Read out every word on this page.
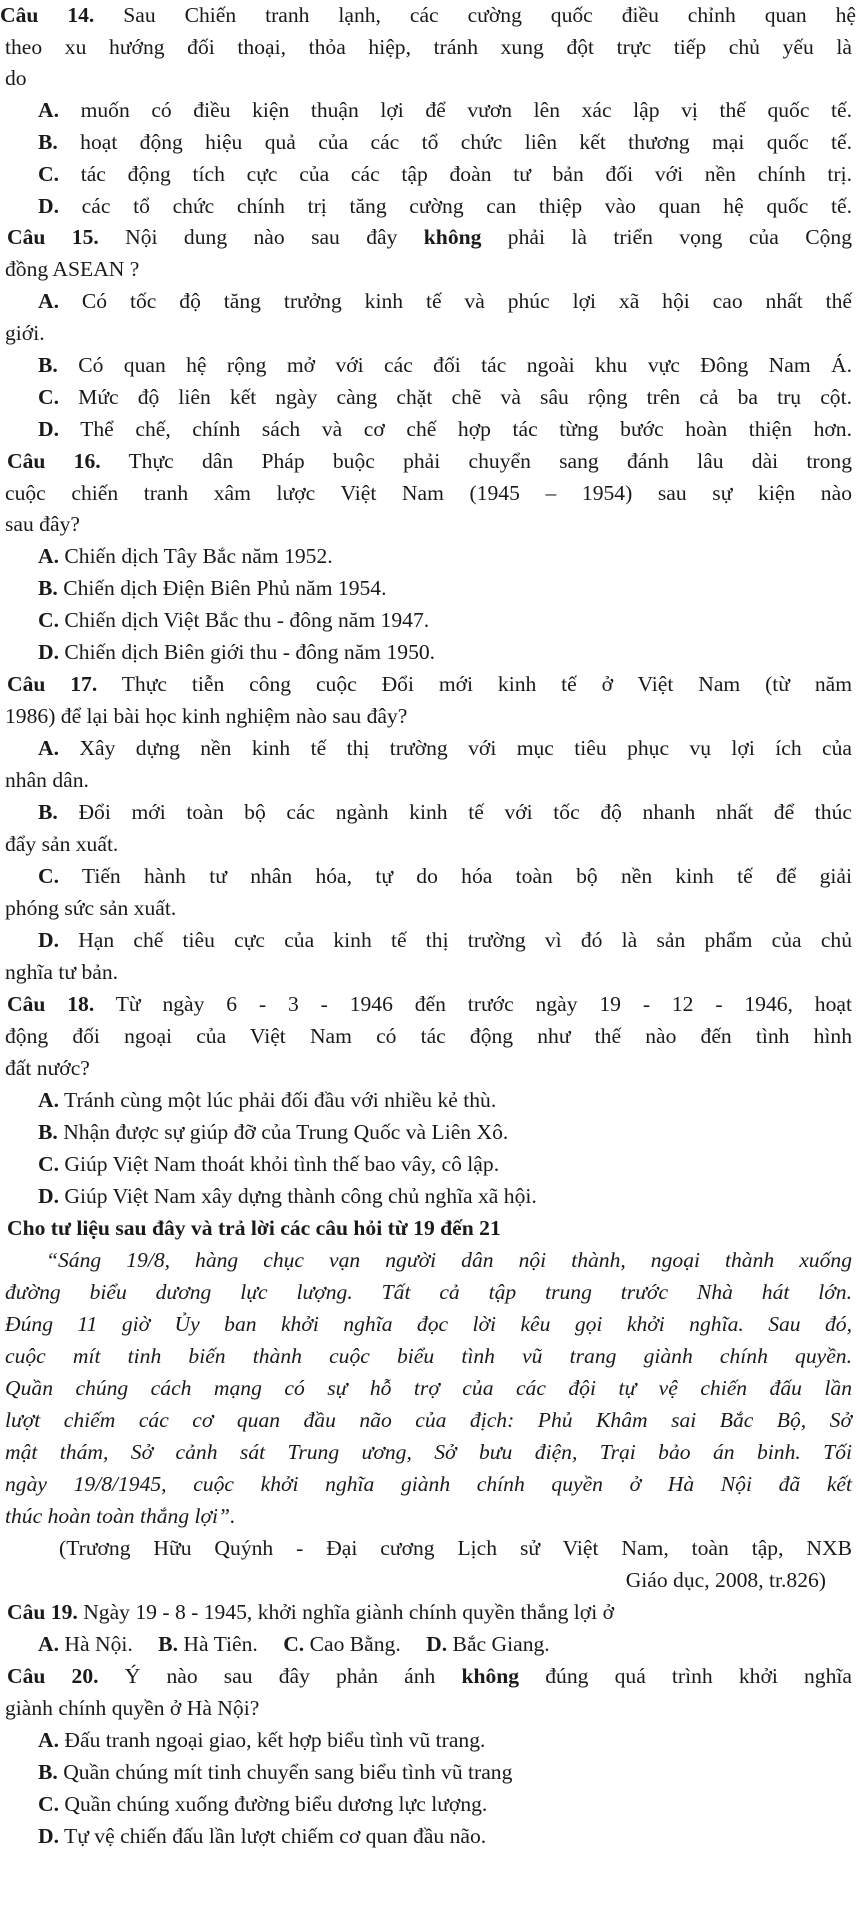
Câu 14. Sau Chiến tranh lạnh, các cường quốc điều chỉnh quan hệ
theo xu hướng đối thoại, thỏa hiệp, tránh xung đột trực tiếp chủ yếu là
do
A. muốn có điều kiện thuận lợi để vươn lên xác lập vị thế quốc tế.
B. hoạt động hiệu quả của các tổ chức liên kết thương mại quốc tế.
C. tác động tích cực của các tập đoàn tư bản đối với nền chính trị.
D. các tổ chức chính trị tăng cường can thiệp vào quan hệ quốc tế.
Câu 15. Nội dung nào sau đây không phải là triển vọng của Cộng
đồng ASEAN ?
A. Có tốc độ tăng trưởng kinh tế và phúc lợi xã hội cao nhất thế
giới.
B. Có quan hệ rộng mở với các đối tác ngoài khu vực Đông Nam Á.
C. Mức độ liên kết ngày càng chặt chẽ và sâu rộng trên cả ba trụ cột.
D. Thể chế, chính sách và cơ chế hợp tác từng bước hoàn thiện hơn.
Câu 16. Thực dân Pháp buộc phải chuyển sang đánh lâu dài trong
cuộc chiến tranh xâm lược Việt Nam (1945 – 1954) sau sự kiện nào
sau đây?
A. Chiến dịch Tây Bắc năm 1952.
B. Chiến dịch Điện Biên Phủ năm 1954.
C. Chiến dịch Việt Bắc thu - đông năm 1947.
D. Chiến dịch Biên giới thu - đông năm 1950.
Câu 17. Thực tiễn công cuộc Đổi mới kinh tế ở Việt Nam (từ năm
1986) để lại bài học kinh nghiệm nào sau đây?
A. Xây dựng nền kinh tế thị trường với mục tiêu phục vụ lợi ích của
nhân dân.
B. Đổi mới toàn bộ các ngành kinh tế với tốc độ nhanh nhất để thúc
đẩy sản xuất.
C. Tiến hành tư nhân hóa, tự do hóa toàn bộ nền kinh tế để giải
phóng sức sản xuất.
D. Hạn chế tiêu cực của kinh tế thị trường vì đó là sản phẩm của chủ
nghĩa tư bản.
Câu 18. Từ ngày 6 - 3 - 1946 đến trước ngày 19 - 12 - 1946, hoạt
động đối ngoại của Việt Nam có tác động như thế nào đến tình hình
đất nước?
A. Tránh cùng một lúc phải đối đầu với nhiều kẻ thù.
B. Nhận được sự giúp đỡ của Trung Quốc và Liên Xô.
C. Giúp Việt Nam thoát khỏi tình thế bao vây, cô lập.
D. Giúp Việt Nam xây dựng thành công chủ nghĩa xã hội.
Cho tư liệu sau đây và trả lời các câu hỏi từ 19 đến 21
“Sáng 19/8, hàng chục vạn người dân nội thành, ngoại thành xuống
đường biểu dương lực lượng. Tất cả tập trung trước Nhà hát lớn.
Đúng 11 giờ Ủy ban khởi nghĩa đọc lời kêu gọi khởi nghĩa. Sau đó,
cuộc mít tinh biến thành cuộc biểu tình vũ trang giành chính quyền.
Quần chúng cách mạng có sự hỗ trợ của các đội tự vệ chiến đấu lần
lượt chiếm các cơ quan đầu não của địch: Phủ Khâm sai Bắc Bộ, Sở
mật thám, Sở cảnh sát Trung ương, Sở bưu điện, Trại bảo án binh. Tối
ngày 19/8/1945, cuộc khởi nghĩa giành chính quyền ở Hà Nội đã kết
thúc hoàn toàn thắng lợi”.
(Trương Hữu Quýnh - Đại cương Lịch sử Việt Nam, toàn tập, NXB
Giáo dục, 2008, tr.826)
Câu 19. Ngày 19 - 8 - 1945, khởi nghĩa giành chính quyền thắng lợi ở
A. Hà Nội. B. Hà Tiên. C. Cao Bằng. D. Bắc Giang.
Câu 20. Ý nào sau đây phản ánh không đúng quá trình khởi nghĩa
giành chính quyền ở Hà Nội?
A. Đấu tranh ngoại giao, kết hợp biểu tình vũ trang.
B. Quần chúng mít tinh chuyển sang biểu tình vũ trang
C. Quần chúng xuống đường biểu dương lực lượng.
D. Tự vệ chiến đấu lần lượt chiếm cơ quan đầu não.
